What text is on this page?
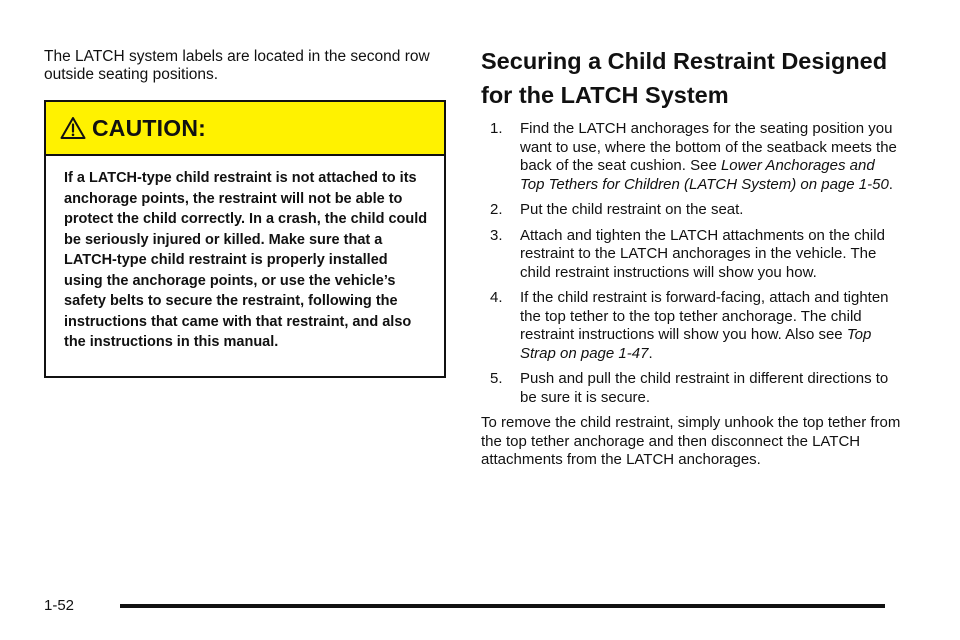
The LATCH system labels are located in the second row outside seating positions.

CAUTION:
If a LATCH-type child restraint is not attached to its anchorage points, the restraint will not be able to protect the child correctly. In a crash, the child could be seriously injured or killed. Make sure that a LATCH-type child restraint is properly installed using the anchorage points, or use the vehicle’s safety belts to secure the restraint, following the instructions that came with that restraint, and also the instructions in this manual.
Securing a Child Restraint Designed for the LATCH System
1.	Find the LATCH anchorages for the seating position you want to use, where the bottom of the seatback meets the back of the seat cushion. See Lower Anchorages and Top Tethers for Children (LATCH System) on page 1-50.
2.	Put the child restraint on the seat.
3.	Attach and tighten the LATCH attachments on the child restraint to the LATCH anchorages in the vehicle. The child restraint instructions will show you how.
4.	If the child restraint is forward-facing, attach and tighten the top tether to the top tether anchorage. The child restraint instructions will show you how. Also see Top Strap on page 1-47.
5.	Push and pull the child restraint in different directions to be sure it is secure.

To remove the child restraint, simply unhook the top tether from the top tether anchorage and then disconnect the LATCH attachments from the LATCH anchorages.

1-52
